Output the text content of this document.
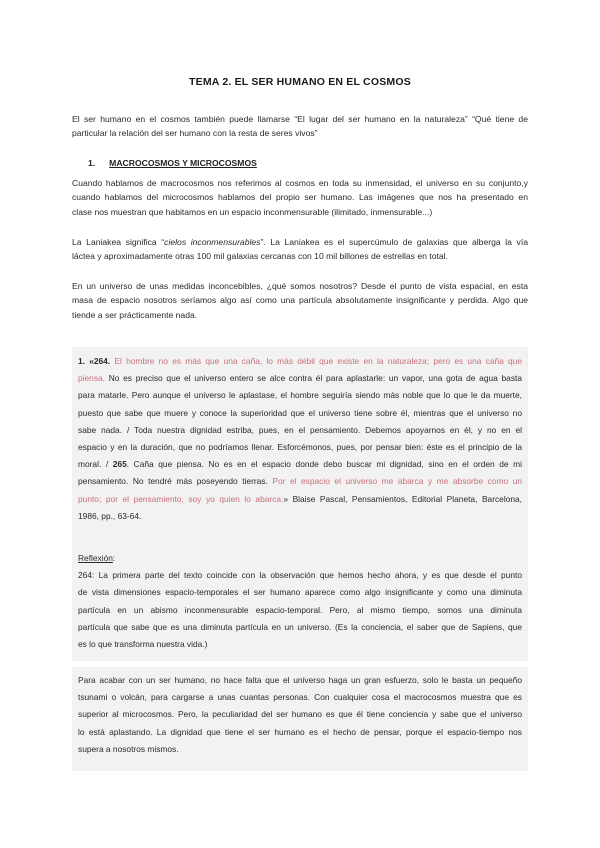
TEMA 2. EL SER HUMANO EN EL COSMOS
El ser humano en el cosmos también puede llamarse “El lugar del ser humano en la naturaleza” “Qué tiene de
particular la relación del ser humano con la resta de seres vivos”
1. MACROCOSMOS Y MICROCOSMOS
Cuando hablamos de macrocosmos nos referimos al cosmos en toda su inmensidad, el universo en su conjunto,y
cuando hablamos del microcosmos hablamos del propio ser humano. Las imágenes que nos ha presentado en
clase nos muestran que habitamos en un espacio inconmensurable (ilimitado, inmensurable...)
La Laniakea significa “cielos inconmensurables”. La Laniakea es el supercúmulo de galaxias que alberga la vía
láctea y aproximadamente otras 100 mil galaxias cercanas con 10 mil billones de estrellas en total.
En un universo de unas medidas inconcebibles, ¿qué somos nosotros? Desde el punto de vista espacial, en esta
masa de espacio nosotros seríamos algo así como una partícula absolutamente insignificante y perdida. Algo que
tiende a ser prácticamente nada.
1. «264. El hombre no es más que una caña, lo más débil que existe en la naturaleza; pero es una caña que
piensa. No es preciso que el universo entero se alce contra él para aplastarle: un vapor, una gota de agua basta
para matarle. Pero aunque el universo le aplastase, el hombre seguiría siendo más noble que lo que le da muerte,
puesto que sabe que muere y conoce la superioridad que el universo tiene sobre él, mientras que el universo no
sabe nada. / Toda nuestra dignidad estriba, pues, en el pensamiento. Debemos apoyarnos en él, y no en el
espacio y en la duración, que no podríamos llenar. Esforcémonos, pues, por pensar bien: éste es el principio de la
moral. / 265. Caña que piensa. No es en el espacio donde debo buscar mi dignidad, sino en el orden de mi
pensamiento. No tendré más poseyendo tierras. Por el espacio el universo me abarca y me absorbe como un
punto; por el pensamiento, soy yo quien lo abarca.» Blaise Pascal, Pensamientos, Editorial Planeta, Barcelona,
1986, pp., 63-64.
Reflexión:
264: La primera parte del texto coincide con la observación que hemos hecho ahora, y es que desde el punto
de vista dimensiones espacio-temporales el ser humano aparece como algo insignificante y como una diminuta
partícula en un abismo inconmensurable espacio-temporal. Pero, al mismo tiempo, somos una diminuta
partícula que sabe que es una diminuta partícula en un universo. (Es la conciencia, el saber que de Sapiens, que
es lo que transforma nuestra vida.)
Para acabar con un ser humano, no hace falta que el universo haga un gran esfuerzo, solo le basta un pequeño
tsunami o volcán, para cargarse a unas cuantas personas. Con cualquier cosa el macrocosmos muestra que es
superior al microcosmos. Pero, la peculiaridad del ser humano es que él tiene conciencia y sabe que el universo
lo está aplastando. La dignidad que tiene el ser humano es el hecho de pensar, porque el espacio-tiempo nos
supera a nosotros mismos.
